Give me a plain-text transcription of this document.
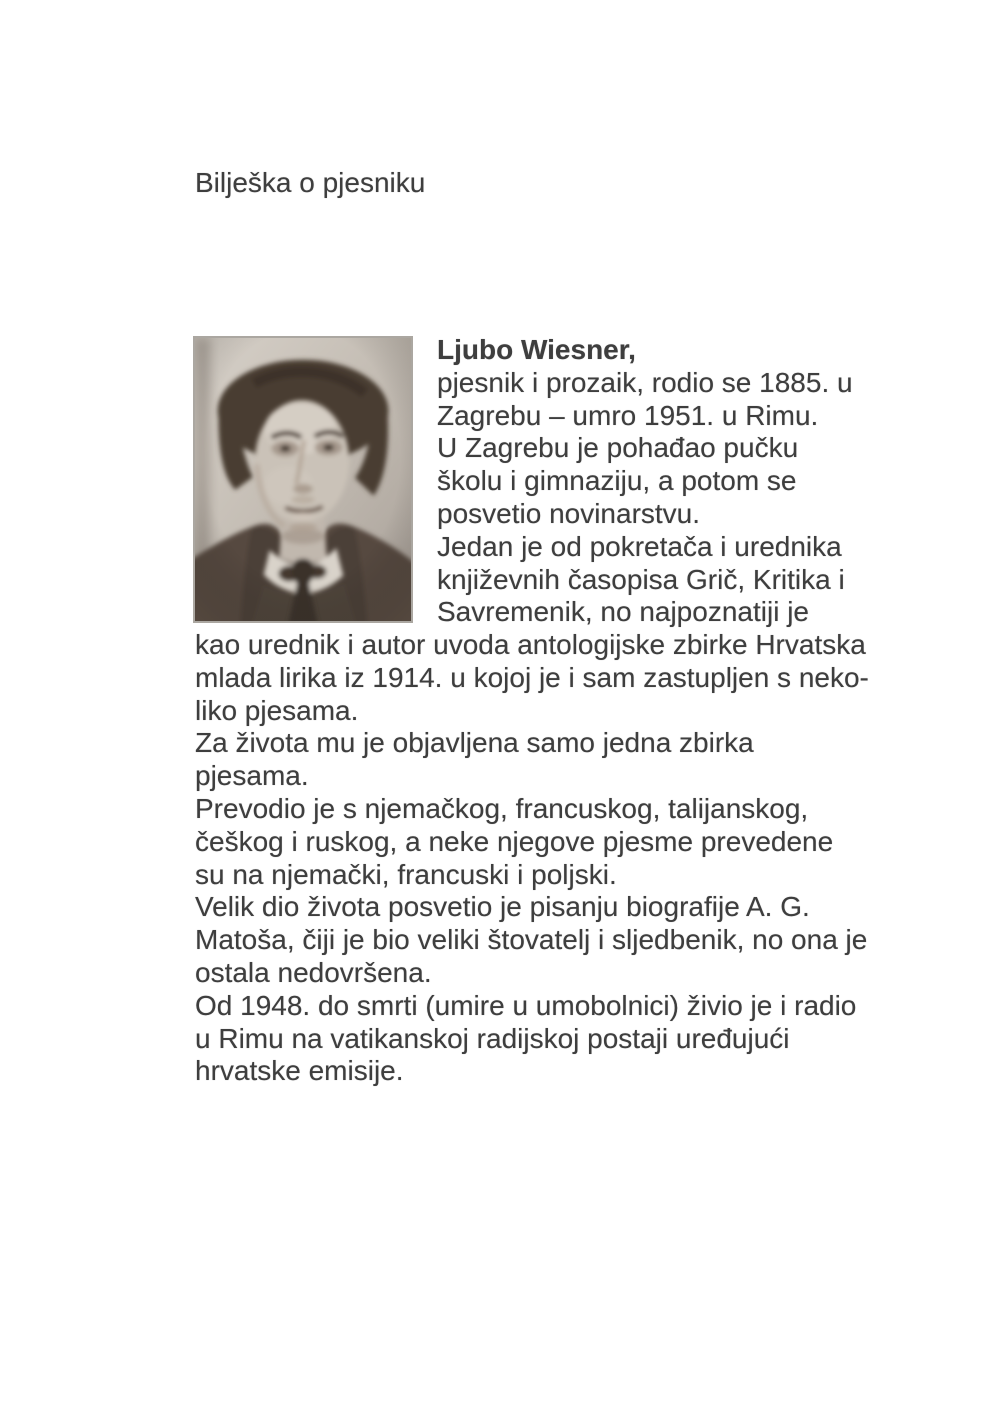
Bilješka o pjesniku
Ljubo Wiesner,
pjesnik i prozaik, rodio se 1885. u
Zagrebu – umro 1951. u Rimu.
U Zagrebu je pohađao pučku
školu i gimnaziju, a potom se
posvetio novinarstvu.
Jedan je od pokretača i urednika
književnih časopisa Grič, Kritika i
Savremenik, no najpoznatiji je
kao urednik i autor uvoda antologijske zbirke Hrvatska
mlada lirika iz 1914. u kojoj je i sam zastupljen s neko-
liko pjesama.
Za života mu je objavljena samo jedna zbirka
pjesama.
Prevodio je s njemačkog, francuskog, talijanskog,
češkog i ruskog, a neke njegove pjesme prevedene
su na njemački, francuski i poljski.
Velik dio života posvetio je pisanju biografije A. G.
Matoša, čiji je bio veliki štovatelj i sljedbenik, no ona je
ostala nedovršena.
Od 1948. do smrti (umire u umobolnici) živio je i radio
u Rimu na vatikanskoj radijskoj postaji uređujući
hrvatske emisije.
